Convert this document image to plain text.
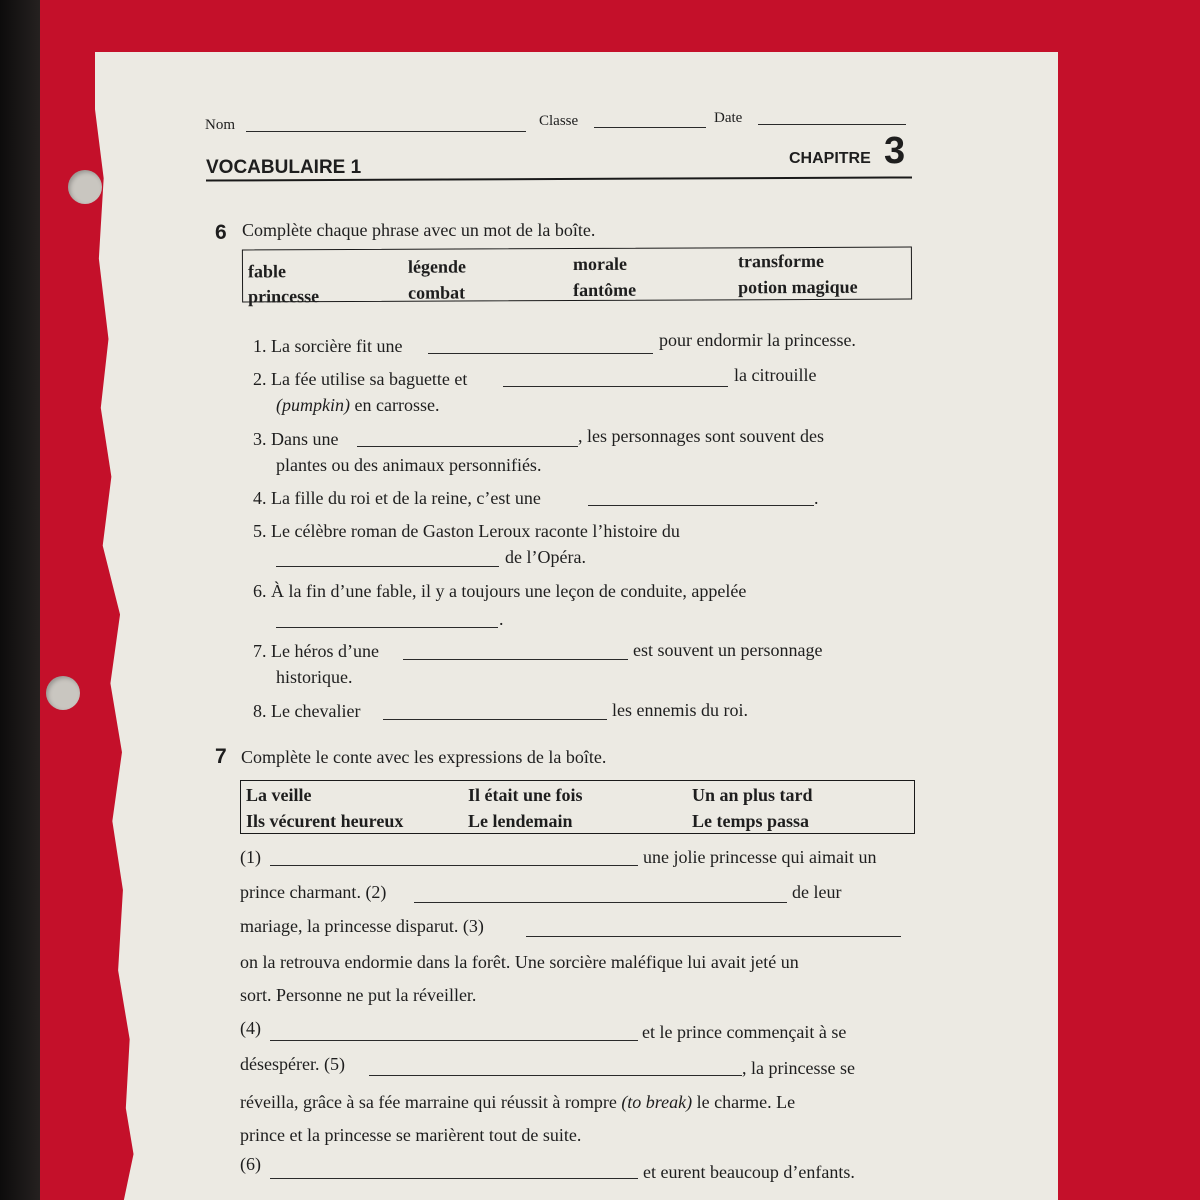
Nom	Classe	Date
VOCABULAIRE 1	CHAPITRE 3
6 Complète chaque phrase avec un mot de la boîte.
fable	légende	morale	transforme
princesse	combat	fantôme	potion magique
1. La sorcière fit une	pour endormir la princesse.
2. La fée utilise sa baguette et	la citrouille
(pumpkin) en carrosse.
3. Dans une	, les personnages sont souvent des
plantes ou des animaux personnifiés.
4. La fille du roi et de la reine, c’est une	.
5. Le célèbre roman de Gaston Leroux raconte l’histoire du
de l’Opéra.
6. À la fin d’une fable, il y a toujours une leçon de conduite, appelée
.
7. Le héros d’une	est souvent un personnage
historique.
8. Le chevalier	les ennemis du roi.
7 Complète le conte avec les expressions de la boîte.
La veille	Il était une fois	Un an plus tard
Ils vécurent heureux	Le lendemain	Le temps passa
(1)	une jolie princesse qui aimait un
prince charmant. (2)	de leur
mariage, la princesse disparut. (3)
on la retrouva endormie dans la forêt. Une sorcière maléfique lui avait jeté un
sort. Personne ne put la réveiller.
(4)	et le prince commençait à se
désespérer. (5)	, la princesse se
réveilla, grâce à sa fée marraine qui réussit à rompre (to break) le charme. Le
prince et la princesse se marièrent tout de suite.
(6)	et eurent beaucoup d’enfants.
